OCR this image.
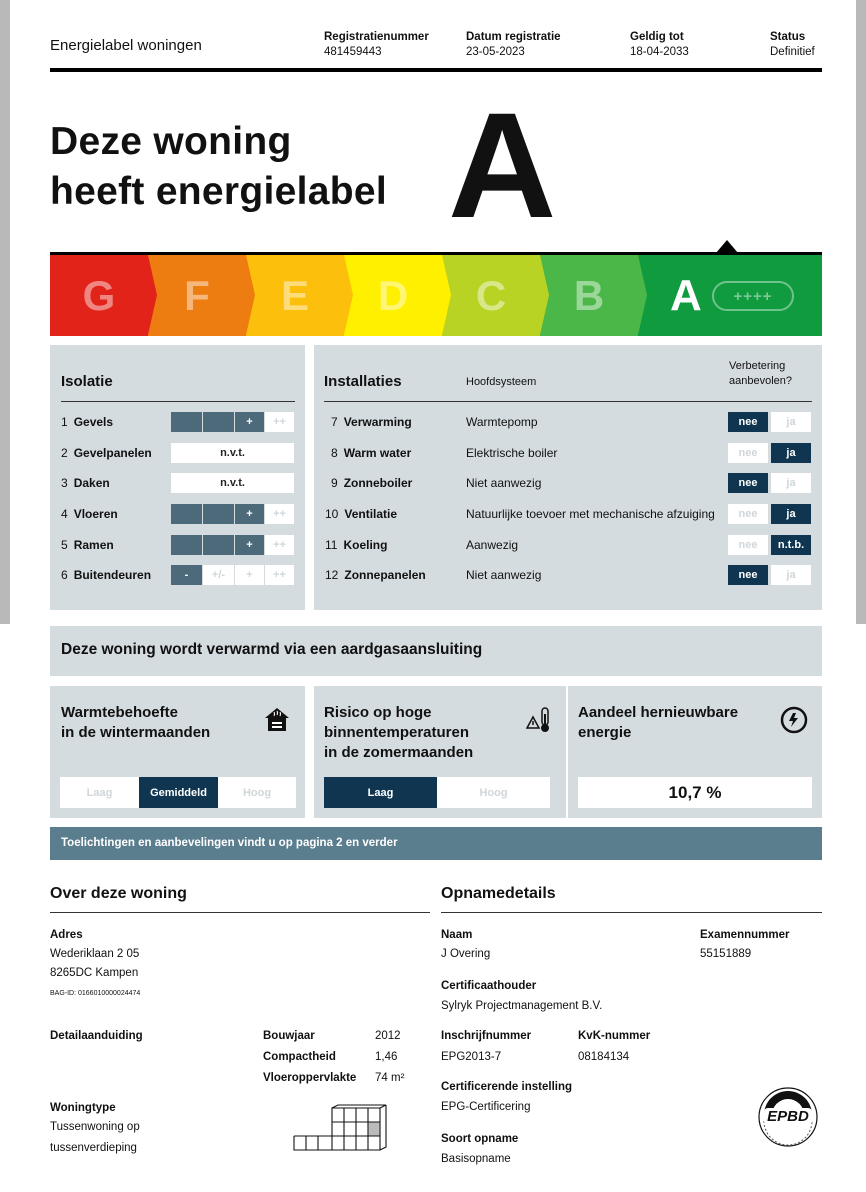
Energielabel woningen	Registratienummer
481459443
Datum registratie
23-05-2023
Geldig tot
18-04-2033
Status
Definitief
Deze woning
heeft energielabel A
G	F	E	D	C	B	A	++++
Isolatie
1 Gevels	+	++
2 Gevelpanelen	n.v.t.
3 Daken	n.v.t.
4 Vloeren	+	++
5 Ramen	+	++
6 Buitendeuren	-	+/-	+	++
Installaties	Hoofdsysteem
Verbetering
aanbevolen?
7 Verwarming	Warmtepomp	nee	ja
8 Warm water	Elektrische boiler	nee	ja
9 Zonneboiler	Niet aanwezig	nee	ja
10 Ventilatie	Natuurlijke toevoer met mechanische afzuiging	nee	ja
11 Koeling	Aanwezig	nee	n.t.b.
12 Zonnepanelen	Niet aanwezig	nee	ja
Deze woning wordt verwarmd via een aardgasaansluiting
Warmtebehoefte
in de wintermaanden
Laag	Gemiddeld	Hoog
Risico op hoge
binnentemperaturen
in de zomermaanden
Laag	Hoog
Aandeel hernieuwbare
energie
10,7 %
Toelichtingen en aanbevelingen vindt u op pagina 2 en verder
Over deze woning
Adres
Wederiklaan 2 05
8265DC Kampen
BAG-ID: 0166010000024474
Detailaanduiding	Bouwjaar	2012
Compactheid	1,46
Vloeroppervlakte 74 m²
Woningtype
Tussenwoning op
tussenverdieping
Opnamedetails
Naam
J Overing
Examennummer
55151889
Certificaathouder
Sylryk Projectmanagement B.V.
Inschrijfnummer
EPG2013-7
KvK-nummer
08184134
Certificerende instelling
EPG-Certificering
Soort opname
Basisopname
EPBD
